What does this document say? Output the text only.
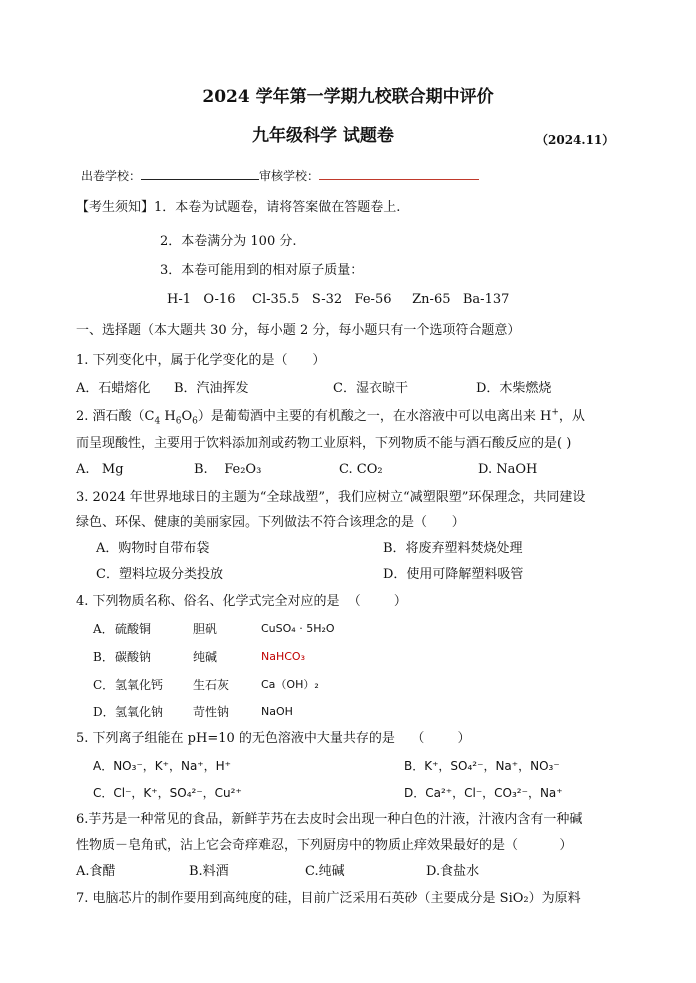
2024 学年第一学期九校联合期中评价
九年级科学 试题卷	（2024.11）
出卷学校：	审核学校：
【考生须知】1．本卷为试题卷，请将答案做在答题卷上.
2．本卷满分为 100 分.
3．本卷可能用到的相对原子质量：
H-1   O-16    Cl-35.5   S-32   Fe-56     Zn-65   Ba-137
一、选择题（本大题共 30 分，每小题 2 分，每小题只有一个选项符合题意）
1. 下列变化中，属于化学变化的是（      ）
A．石蜡熔化 B．汽油挥发	C．湿衣晾干	D．木柴燃烧
2. 酒石酸（$C_4$ $H_6O_6$）是葡萄酒中主要的有机酸之一，在水溶液中可以电离出来 H+，从
而呈现酸性，主要用于饮料添加剂或药物工业原料，下列物质不能与酒石酸反应的是( )
A.   Mg	B.    Fe₂O₃	C. CO₂	D. NaOH
3. 2024 年世界地球日的主题为“全球战塑”，我们应树立“减塑限塑”环保理念，共同建设
绿色、环保、健康的美丽家园。下列做法不符合该理念的是（      ）
A．购物时自带布袋	B．将废弃塑料焚烧处理
C．塑料垃圾分类投放	D．使用可降解塑料吸管
4. 下列物质名称、俗名、化学式完全对应的是  （        ）
A． 硫酸铜	胆矾	CuSO₄ · 5H₂O
B． 碳酸钠	纯碱	NaHCO₃
C． 氢氧化钙 生石灰	Ca（OH）₂
D． 氢氧化钠 苛性钠	NaOH
5. 下列离子组能在 pH=10 的无色溶液中大量共存的是    （        ）
A．NO₃⁻，K⁺，Na⁺，H⁺	B．K⁺，SO₄²⁻，Na⁺，NO₃⁻
C．Cl⁻，K⁺，SO₄²⁻，Cu²⁺	D．Ca²⁺，Cl⁻，CO₃²⁻，Na⁺
6.芋艿是一种常见的食品，新鲜芋艿在去皮时会出现一种白色的汁液，汁液内含有一种碱
性物质－皂角甙，沾上它会奇痒难忍，下列厨房中的物质止痒效果最好的是（          ）
A.食醋	B.料酒	C.纯碱	D.食盐水
7. 电脑芯片的制作要用到高纯度的硅，目前广泛采用石英砂（主要成分是 SiO₂）为原料
